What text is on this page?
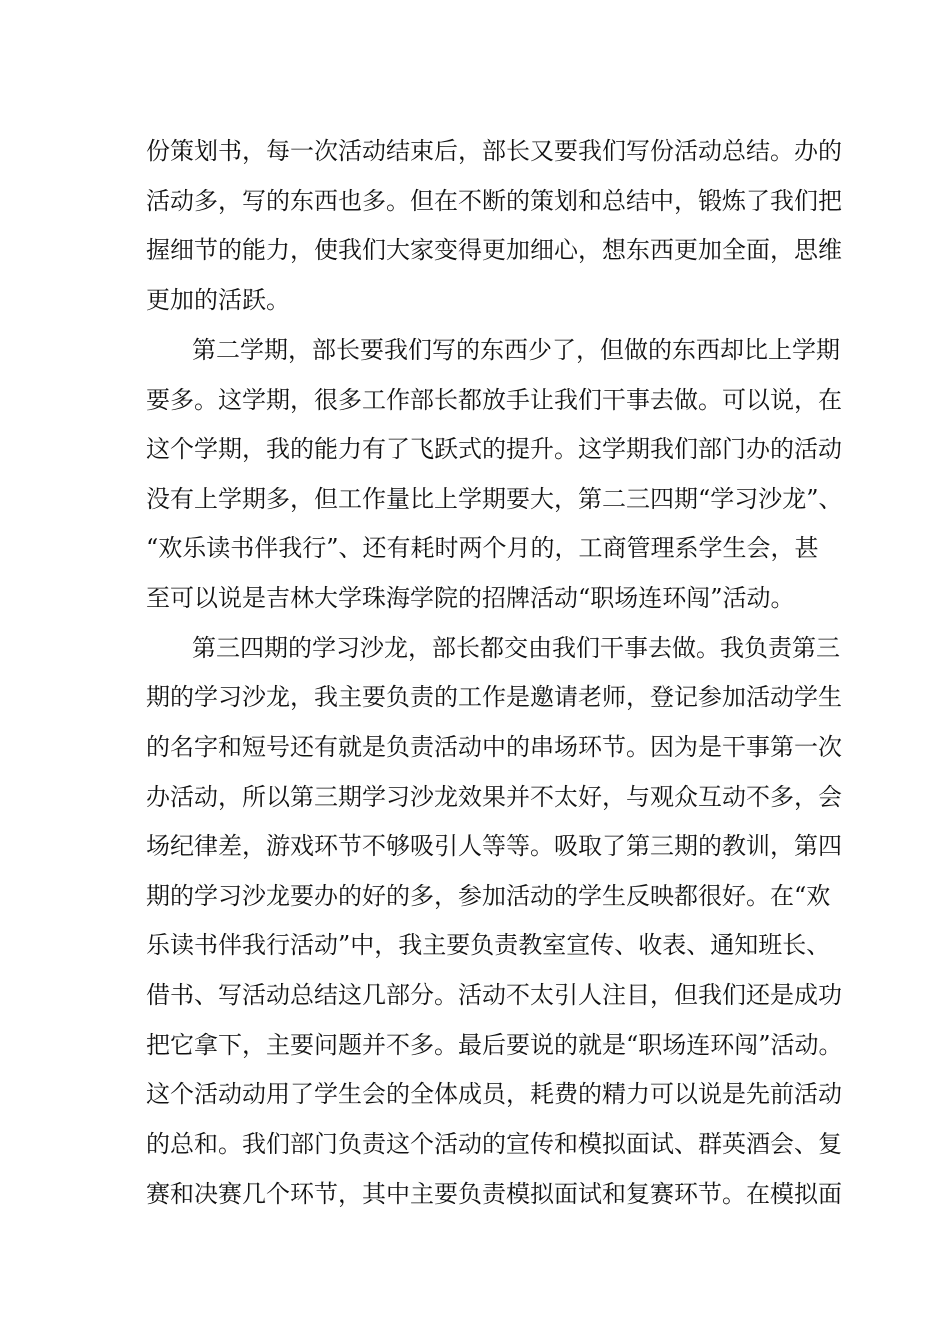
份策划书，每一次活动结束后，部长又要我们写份活动总结。办的
活动多，写的东西也多。但在不断的策划和总结中，锻炼了我们把
握细节的能力，使我们大家变得更加细心，想东西更加全面，思维
更加的活跃。
第二学期，部长要我们写的东西少了，但做的东西却比上学期
要多。这学期，很多工作部长都放手让我们干事去做。可以说，在
这个学期，我的能力有了飞跃式的提升。这学期我们部门办的活动
没有上学期多，但工作量比上学期要大，第二三四期“学习沙龙”、
“欢乐读书伴我行”、还有耗时两个月的，工商管理系学生会，甚
至可以说是吉林大学珠海学院的招牌活动“职场连环闯”活动。
第三四期的学习沙龙，部长都交由我们干事去做。我负责第三
期的学习沙龙，我主要负责的工作是邀请老师，登记参加活动学生
的名字和短号还有就是负责活动中的串场环节。因为是干事第一次
办活动，所以第三期学习沙龙效果并不太好，与观众互动不多，会
场纪律差，游戏环节不够吸引人等等。吸取了第三期的教训，第四
期的学习沙龙要办的好的多，参加活动的学生反映都很好。在“欢
乐读书伴我行活动”中，我主要负责教室宣传、收表、通知班长、
借书、写活动总结这几部分。活动不太引人注目，但我们还是成功
把它拿下，主要问题并不多。最后要说的就是“职场连环闯”活动。
这个活动动用了学生会的全体成员，耗费的精力可以说是先前活动
的总和。我们部门负责这个活动的宣传和模拟面试、群英酒会、复
赛和决赛几个环节，其中主要负责模拟面试和复赛环节。在模拟面
